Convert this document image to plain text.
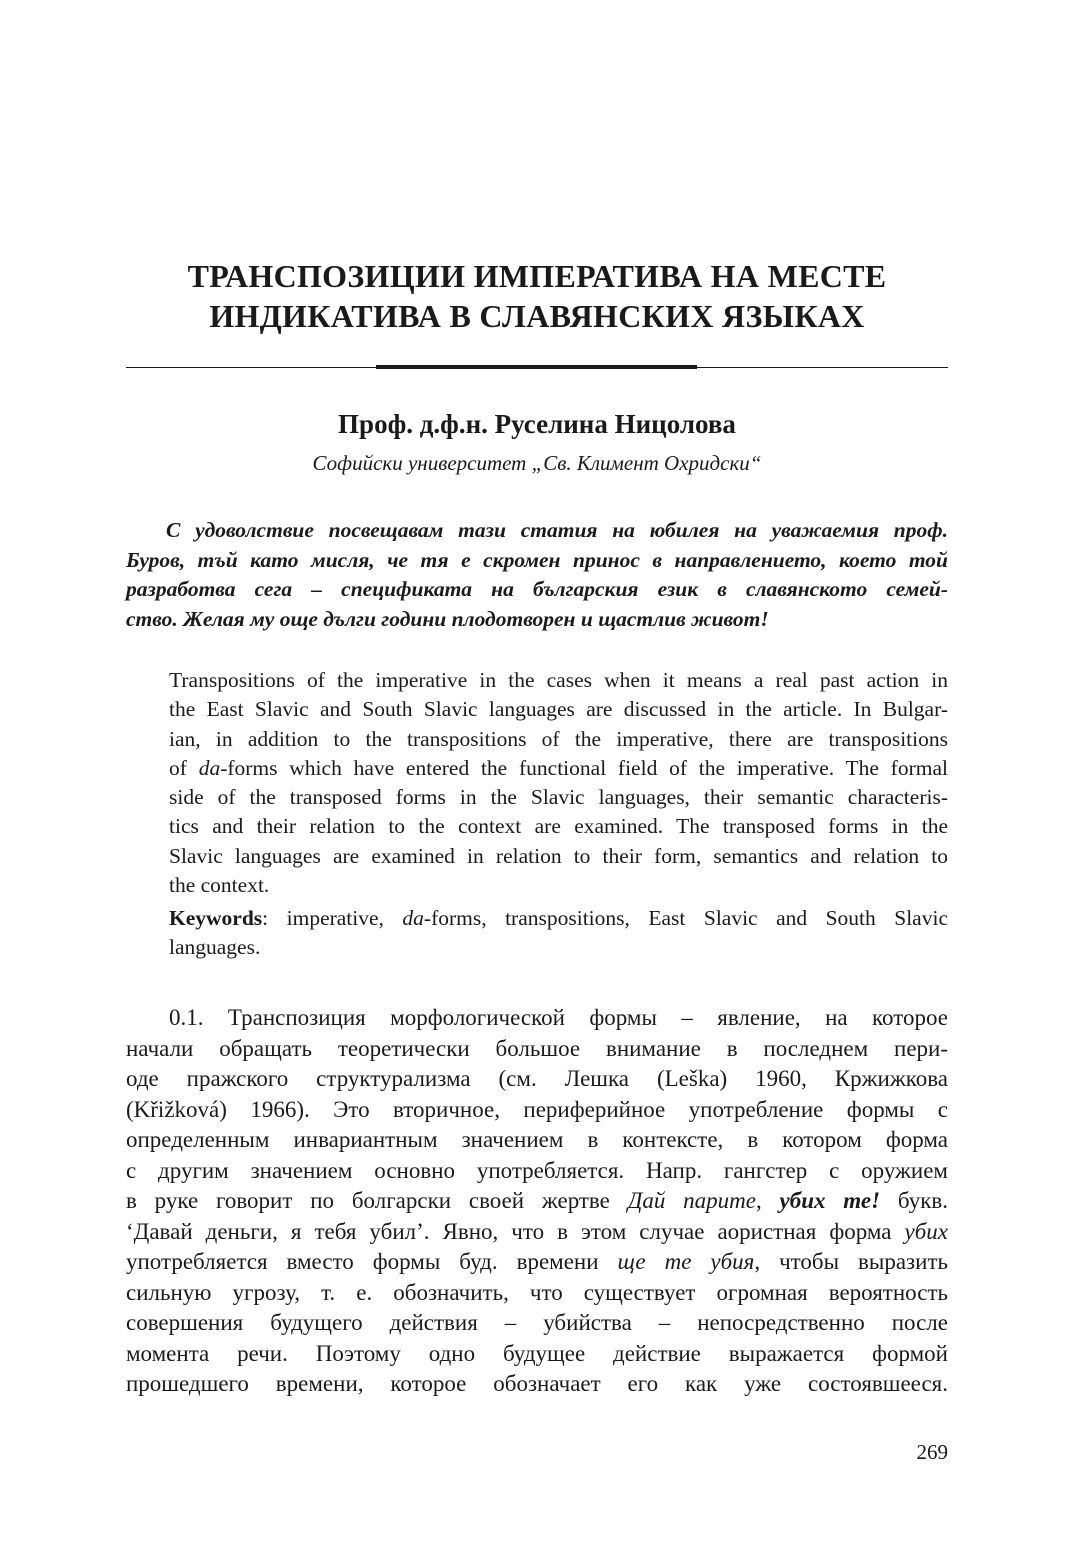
ТРАНСПОЗИЦИИ ИМПЕРАТИВА НА МЕСТЕ
ИНДИКАТИВА В СЛАВЯНСКИХ ЯЗЫКАХ
Проф. д.ф.н. Руселина Ницолова
Софийски университет „Св. Климент Охридски“
С удоволствие посвещавам тази статия на юбилея на уважаемия проф.
Буров, тъй като мисля, че тя е скромен принос в направлението, което той
разработва сега – спецификата на българския език в славянското семей-
ство. Желая му още дълги години плодотворен и щастлив живот!
Transpositions of the imperative in the cases when it means a real past action in
the East Slavic and South Slavic languages are discussed in the article. In Bulgar-
ian, in addition to the transpositions of the imperative, there are transpositions
of da-forms which have entered the functional field of the imperative. The formal
side of the transposed forms in the Slavic languages, their semantic characteris-
tics and their relation to the context are examined. The transposed forms in the
Slavic languages are examined in relation to their form, semantics and relation to
the context.
Keywords: imperative, da-forms, transpositions, East Slavic and South Slavic
languages.
0.1. Транспозиция морфологической формы – явление, на которое
начали обращать теоретически большое внимание в последнем пери-
оде пражского структурализма (см. Лешка (Leška) 1960, Кржижкова
(Křižková) 1966). Это вторичное, периферийное употребление формы с
определенным инвариантным значением в контексте, в котором форма
с другим значением основно употребляется. Напр. гангстер с оружием
в руке говорит по болгарски своей жертве Дай парите, убих те! букв.
‘Давай деньги, я тебя убил’. Явно, что в этом случае аористная форма убих
употребляется вместо формы буд. времени ще те убия, чтобы выразить
сильную угрозу, т. е. обозначить, что существует огромная вероятность
совершения будущего действия – убийства – непосредственно после
момента речи. Поэтому одно будущее действие выражается формой
прошедшего времени, которое обозначает его как уже состоявшееся.
269
